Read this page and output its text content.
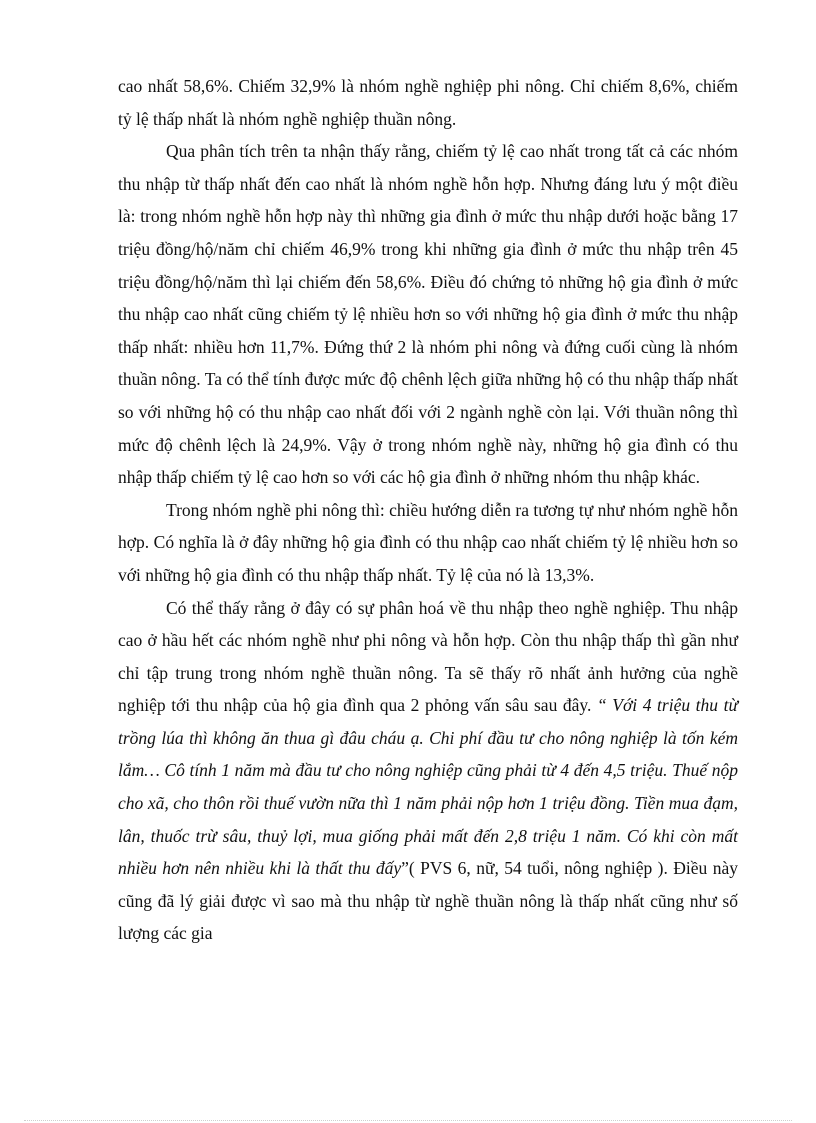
cao nhất 58,6%. Chiếm 32,9% là nhóm nghề nghiệp phi nông. Chỉ chiếm 8,6%, chiếm tỷ lệ thấp nhất là nhóm nghề nghiệp thuần nông.

Qua phân tích trên ta nhận thấy rằng, chiếm tỷ lệ cao nhất trong tất cả các nhóm thu nhập từ thấp nhất đến cao nhất là nhóm nghề hỗn hợp. Nhưng đáng lưu ý một điều là: trong nhóm nghề hỗn hợp này thì những gia đình ở mức thu nhập dưới hoặc bằng 17 triệu đồng/hộ/năm chỉ chiếm 46,9% trong khi những gia đình ở mức thu nhập trên 45 triệu đồng/hộ/năm thì lại chiếm đến 58,6%. Điều đó chứng tỏ những hộ gia đình ở mức thu nhập cao nhất cũng chiếm tỷ lệ nhiều hơn so với những hộ gia đình ở mức thu nhập thấp nhất: nhiều hơn 11,7%. Đứng thứ 2 là nhóm phi nông và đứng cuối cùng là nhóm thuần nông. Ta có thể tính được mức độ chênh lệch giữa những hộ có thu nhập thấp nhất so với những hộ có thu nhập cao nhất đối với 2 ngành nghề còn lại. Với thuần nông thì mức độ chênh lệch là 24,9%. Vậy ở trong nhóm nghề này, những hộ gia đình có thu nhập thấp chiếm tỷ lệ cao hơn so với các hộ gia đình ở những nhóm thu nhập khác.

Trong nhóm nghề phi nông thì: chiều hướng diễn ra tương tự như nhóm nghề hỗn hợp. Có nghĩa là ở đây những hộ gia đình có thu nhập cao nhất chiếm tỷ lệ nhiều hơn so với những hộ gia đình có thu nhập thấp nhất. Tỷ lệ của nó là 13,3%.

Có thể thấy rằng ở đây có sự phân hoá về thu nhập theo nghề nghiệp. Thu nhập cao ở hầu hết các nhóm nghề như phi nông và hỗn hợp. Còn thu nhập thấp thì gần như chỉ tập trung trong nhóm nghề thuần nông. Ta sẽ thấy rõ nhất ảnh hưởng của nghề nghiệp tới thu nhập của hộ gia đình qua 2 phỏng vấn sâu sau đây. “ Với 4 triệu thu từ trồng lúa thì không ăn thua gì đâu cháu ạ. Chi phí đầu tư cho nông nghiệp là tốn kém lắm… Cô tính 1 năm mà đầu tư cho nông nghiệp cũng phải từ 4 đến 4,5 triệu. Thuế nộp cho xã, cho thôn rồi thuế vườn nữa thì 1 năm phải nộp hơn 1 triệu đồng. Tiền mua đạm, lân, thuốc trừ sâu, thuỷ lợi, mua giống phải mất đến 2,8 triệu 1 năm. Có khi còn mất nhiều hơn nên nhiều khi là thất thu đấy”( PVS 6, nữ, 54 tuổi, nông nghiệp ). Điều này cũng đã lý giải được vì sao mà thu nhập từ nghề thuần nông là thấp nhất cũng như số lượng các gia
